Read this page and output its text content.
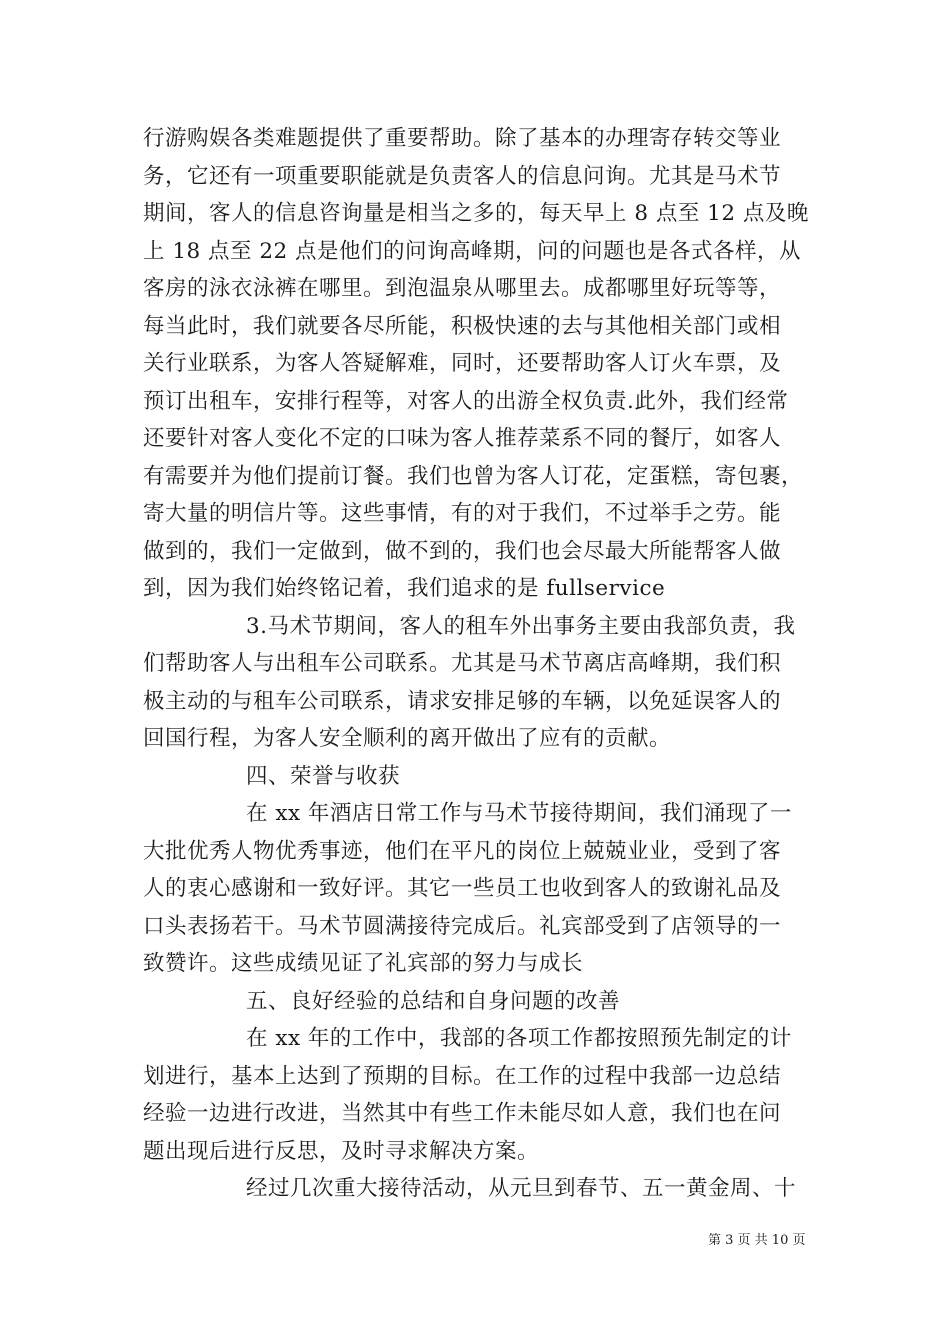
行游购娱各类难题提供了重要帮助。除了基本的办理寄存转交等业
务，它还有一项重要职能就是负责客人的信息问询。尤其是马术节
期间，客人的信息咨询量是相当之多的，每天早上 8 点至 12 点及晚
上 18 点至 22 点是他们的问询高峰期，问的问题也是各式各样，从
客房的泳衣泳裤在哪里。到泡温泉从哪里去。成都哪里好玩等等，
每当此时，我们就要各尽所能，积极快速的去与其他相关部门或相
关行业联系，为客人答疑解难，同时，还要帮助客人订火车票，及
预订出租车，安排行程等，对客人的出游全权负责.此外，我们经常
还要针对客人变化不定的口味为客人推荐菜系不同的餐厅，如客人
有需要并为他们提前订餐。我们也曾为客人订花，定蛋糕，寄包裹，
寄大量的明信片等。这些事情，有的对于我们，不过举手之劳。能
做到的，我们一定做到，做不到的，我们也会尽最大所能帮客人做
到，因为我们始终铭记着，我们追求的是 fullservice
3.马术节期间，客人的租车外出事务主要由我部负责，我
们帮助客人与出租车公司联系。尤其是马术节离店高峰期，我们积
极主动的与租车公司联系，请求安排足够的车辆，以免延误客人的
回国行程，为客人安全顺利的离开做出了应有的贡献。
四、荣誉与收获
在 xx 年酒店日常工作与马术节接待期间，我们涌现了一
大批优秀人物优秀事迹，他们在平凡的岗位上兢兢业业，受到了客
人的衷心感谢和一致好评。其它一些员工也收到客人的致谢礼品及
口头表扬若干。马术节圆满接待完成后。礼宾部受到了店领导的一
致赞许。这些成绩见证了礼宾部的努力与成长
五、良好经验的总结和自身问题的改善
在 xx 年的工作中，我部的各项工作都按照预先制定的计
划进行，基本上达到了预期的目标。在工作的过程中我部一边总结
经验一边进行改进，当然其中有些工作未能尽如人意，我们也在问
题出现后进行反思，及时寻求解决方案。
经过几次重大接待活动，从元旦到春节、五一黄金周、十
第 3 页 共 10 页
